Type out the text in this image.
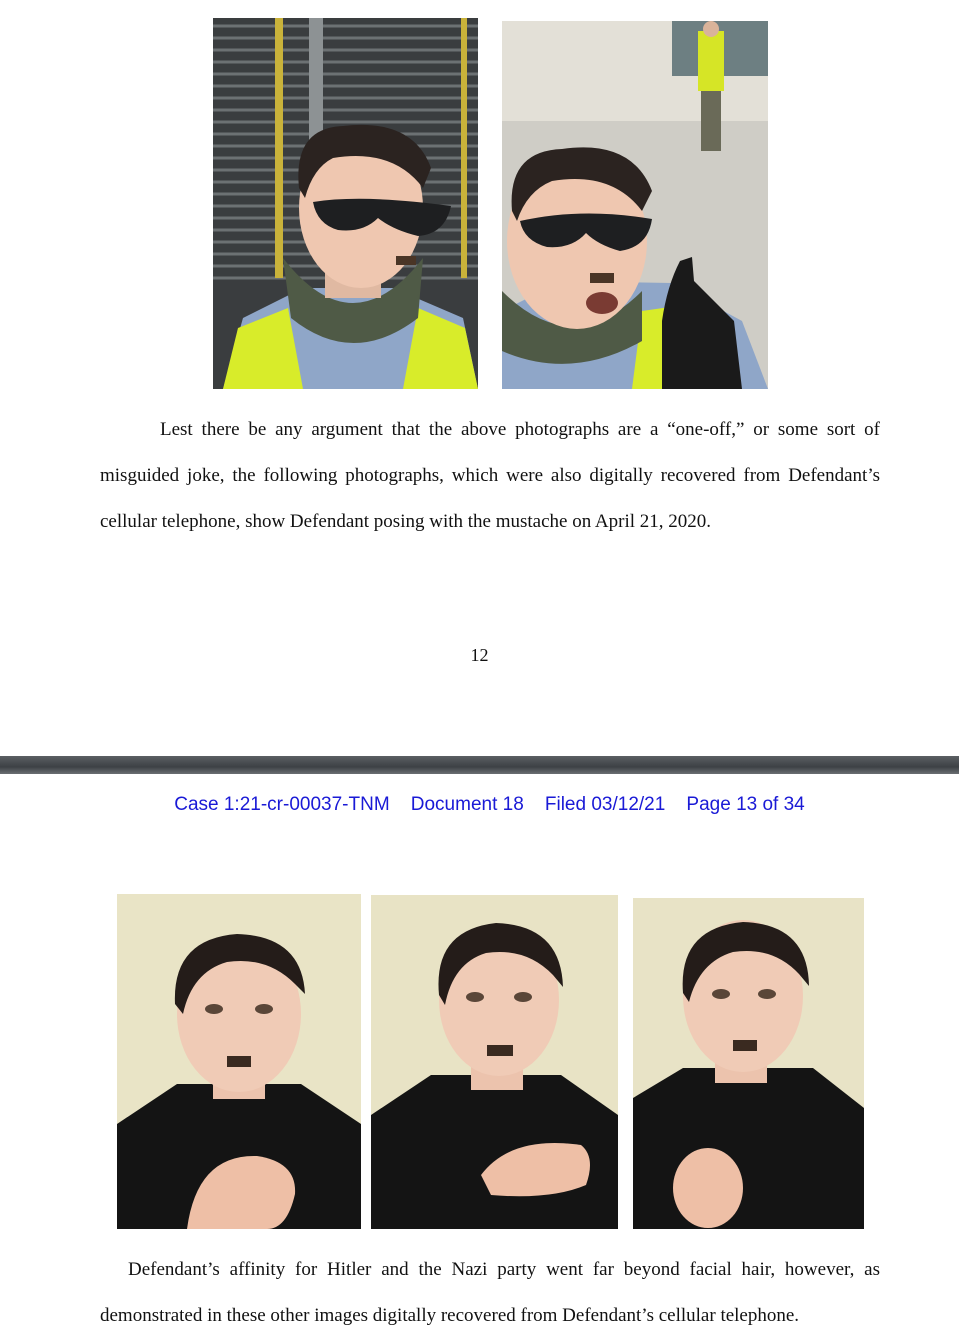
Lest there be any argument that the above photographs are a “one-off,” or some sort of misguided joke, the following photographs, which were also digitally recovered from Defendant’s cellular telephone, show Defendant posing with the mustache on April 21, 2020.

12
Case 1:21-cr-00037-TNM    Document 18    Filed 03/12/21    Page 13 of 34

Defendant’s affinity for Hitler and the Nazi party went far beyond facial hair, however, as demonstrated in these other images digitally recovered from Defendant’s cellular telephone.
